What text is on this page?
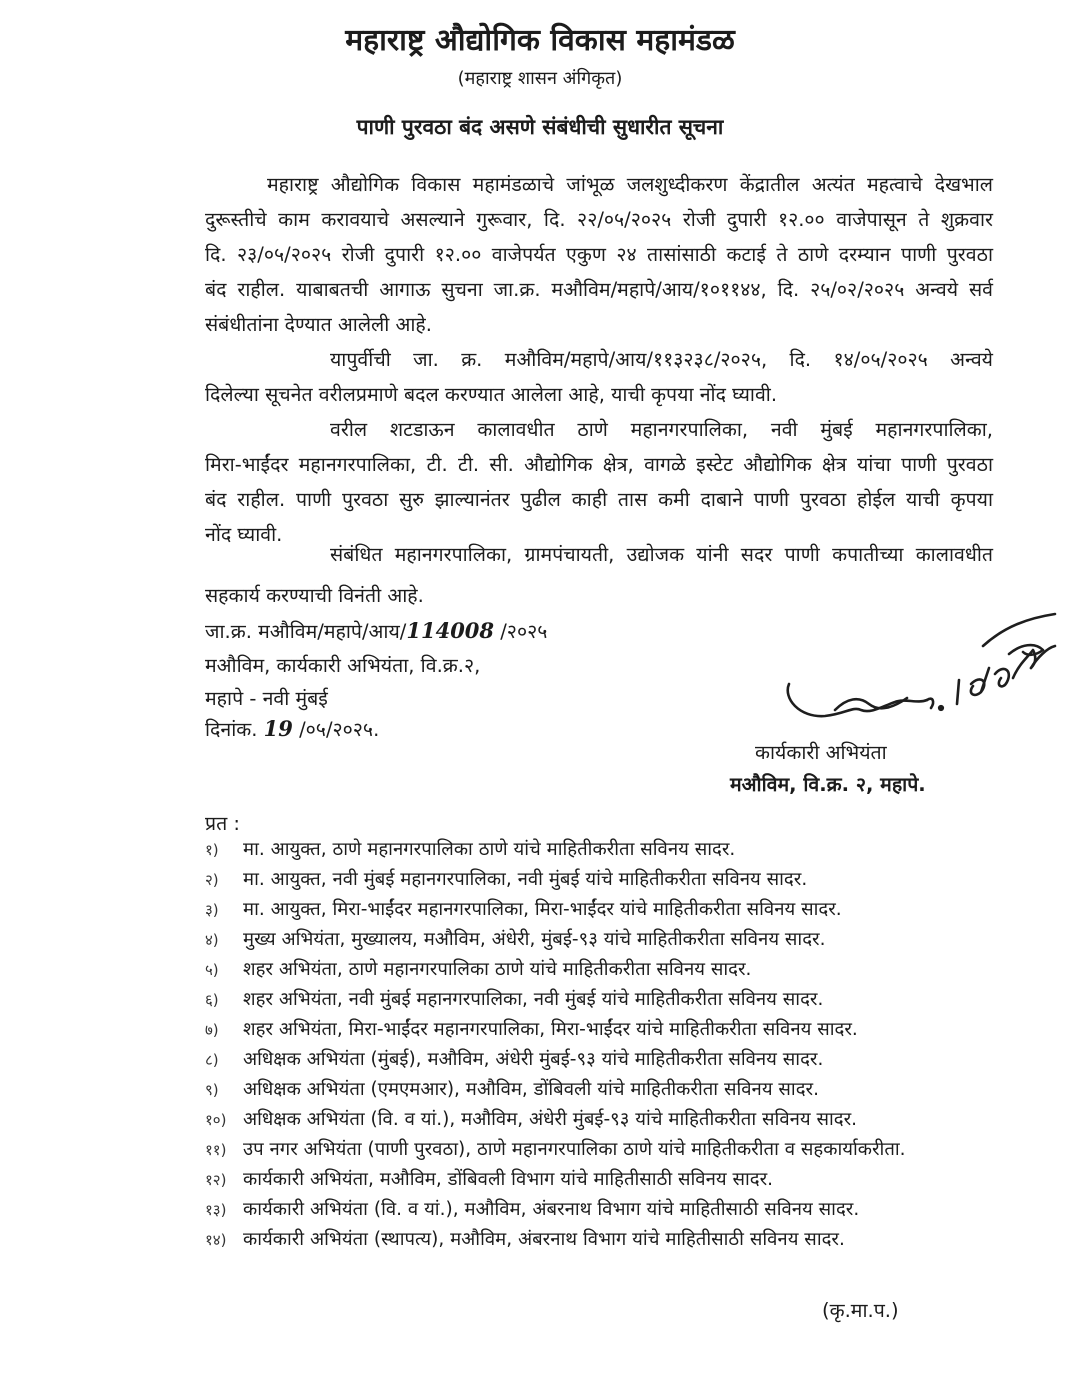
महाराष्ट्र औद्योगिक विकास महामंडळ
(महाराष्ट्र शासन अंगिकृत)
पाणी पुरवठा बंद असणे संबंधीची सुधारीत सूचना
महाराष्ट्र औद्योगिक विकास महामंडळाचे जांभूळ जलशुध्दीकरण केंद्रातील अत्यंत महत्वाचे देखभाल
दुरूस्तीचे काम करावयाचे असल्याने गुरूवार, दि. २२/०५/२०२५ रोजी दुपारी १२.०० वाजेपासून ते शुक्रवार
दि. २३/०५/२०२५ रोजी दुपारी १२.०० वाजेपर्यत एकुण २४ तासांसाठी कटाई ते ठाणे दरम्यान पाणी पुरवठा
बंद राहील. याबाबतची आगाऊ सुचना जा.क्र. मऔविम/महापे/आय/१०११४४, दि. २५/०२/२०२५ अन्वये सर्व
संबंधीतांना देण्यात आलेली आहे.
यापुर्वीची जा. क्र. मऔविम/महापे/आय/११३२३८/२०२५, दि. १४/०५/२०२५ अन्वये
दिलेल्या सूचनेत वरीलप्रमाणे बदल करण्यात आलेला आहे, याची कृपया नोंद घ्यावी.
वरील शटडाऊन कालावधीत ठाणे महानगरपालिका, नवी मुंबई महानगरपालिका,
मिरा-भाईंदर महानगरपालिका, टी. टी. सी. औद्योगिक क्षेत्र, वागळे इस्टेट औद्योगिक क्षेत्र यांचा पाणी पुरवठा
बंद राहील. पाणी पुरवठा सुरु झाल्यानंतर पुढील काही तास कमी दाबाने पाणी पुरवठा होईल याची कृपया
नोंद घ्यावी.
संबंधित महानगरपालिका, ग्रामपंचायती, उद्योजक यांनी सदर पाणी कपातीच्या कालावधीत
सहकार्य करण्याची विनंती आहे.
जा.क्र. मऔविम/महापे/आय/114008 /२०२५
मऔविम, कार्यकारी अभियंता, वि.क्र.२,
महापे - नवी मुंबई
दिनांक. 19 /०५/२०२५.
कार्यकारी अभियंता
मऔविम, वि.क्र. २, महापे.
प्रत :
१) मा. आयुक्त, ठाणे महानगरपालिका ठाणे यांचे माहितीकरीता सविनय सादर.
२) मा. आयुक्त, नवी मुंबई महानगरपालिका, नवी मुंबई यांचे माहितीकरीता सविनय सादर.
३) मा. आयुक्त, मिरा-भाईंदर महानगरपालिका, मिरा-भाईंदर यांचे माहितीकरीता सविनय सादर.
४) मुख्य अभियंता, मुख्यालय, मऔविम, अंधेरी, मुंबई-९३ यांचे माहितीकरीता सविनय सादर.
५) शहर अभियंता, ठाणे महानगरपालिका ठाणे यांचे माहितीकरीता सविनय सादर.
६) शहर अभियंता, नवी मुंबई महानगरपालिका, नवी मुंबई यांचे माहितीकरीता सविनय सादर.
७) शहर अभियंता, मिरा-भाईंदर महानगरपालिका, मिरा-भाईंदर यांचे माहितीकरीता सविनय सादर.
८) अधिक्षक अभियंता (मुंबई), मऔविम, अंधेरी मुंबई-९३ यांचे माहितीकरीता सविनय सादर.
९) अधिक्षक अभियंता (एमएमआर), मऔविम, डोंबिवली यांचे माहितीकरीता सविनय सादर.
१०) अधिक्षक अभियंता (वि. व यां.), मऔविम, अंधेरी मुंबई-९३ यांचे माहितीकरीता सविनय सादर.
११) उप नगर अभियंता (पाणी पुरवठा), ठाणे महानगरपालिका ठाणे यांचे माहितीकरीता व सहकार्याकरीता.
१२) कार्यकारी अभियंता, मऔविम, डोंबिवली विभाग यांचे माहितीसाठी सविनय सादर.
१३) कार्यकारी अभियंता (वि. व यां.), मऔविम, अंबरनाथ विभाग यांचे माहितीसाठी सविनय सादर.
१४) कार्यकारी अभियंता (स्थापत्य), मऔविम, अंबरनाथ विभाग यांचे माहितीसाठी सविनय सादर.
(कृ.मा.प.)
